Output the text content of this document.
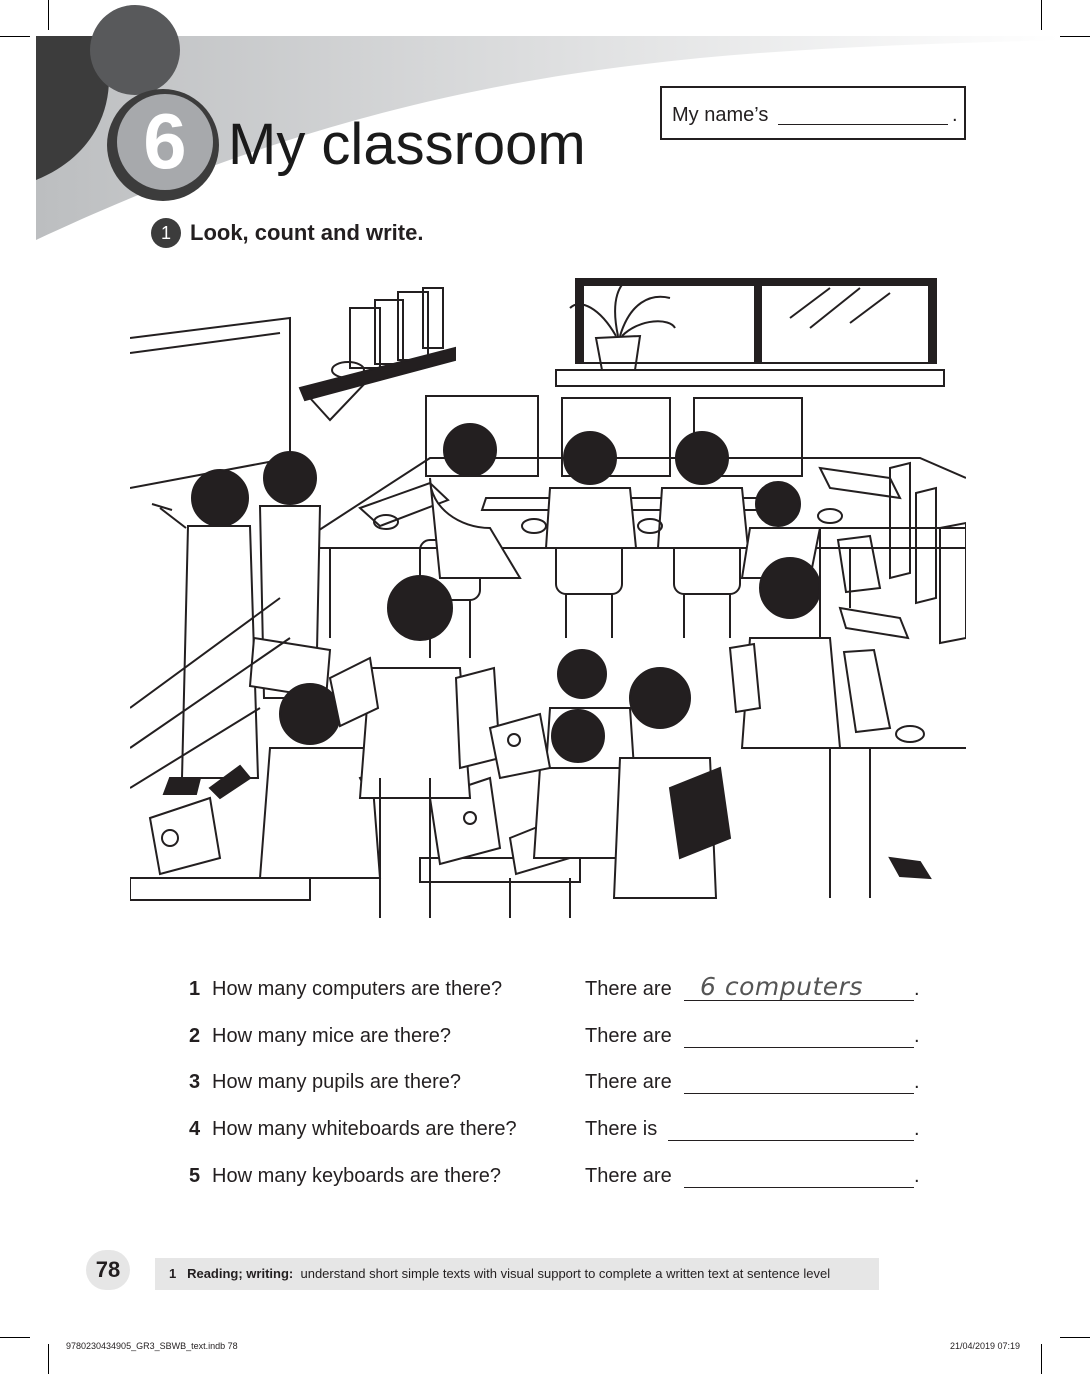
6 My classroom	My name’s	.
1 Look, count and write.
1 How many computers are there?	There are 6 computers	.
2 How many mice are there?	There are	.
3 How many pupils are there?	There are	.
4 How many whiteboards are there?	There is	.
5 How many keyboards are there?	There are	.
78	1 Reading; writing: understand short simple texts with visual support to complete a written text at sentence level
9780230434905_GR3_SBWB_text.indb 78	21/04/2019 07:19
